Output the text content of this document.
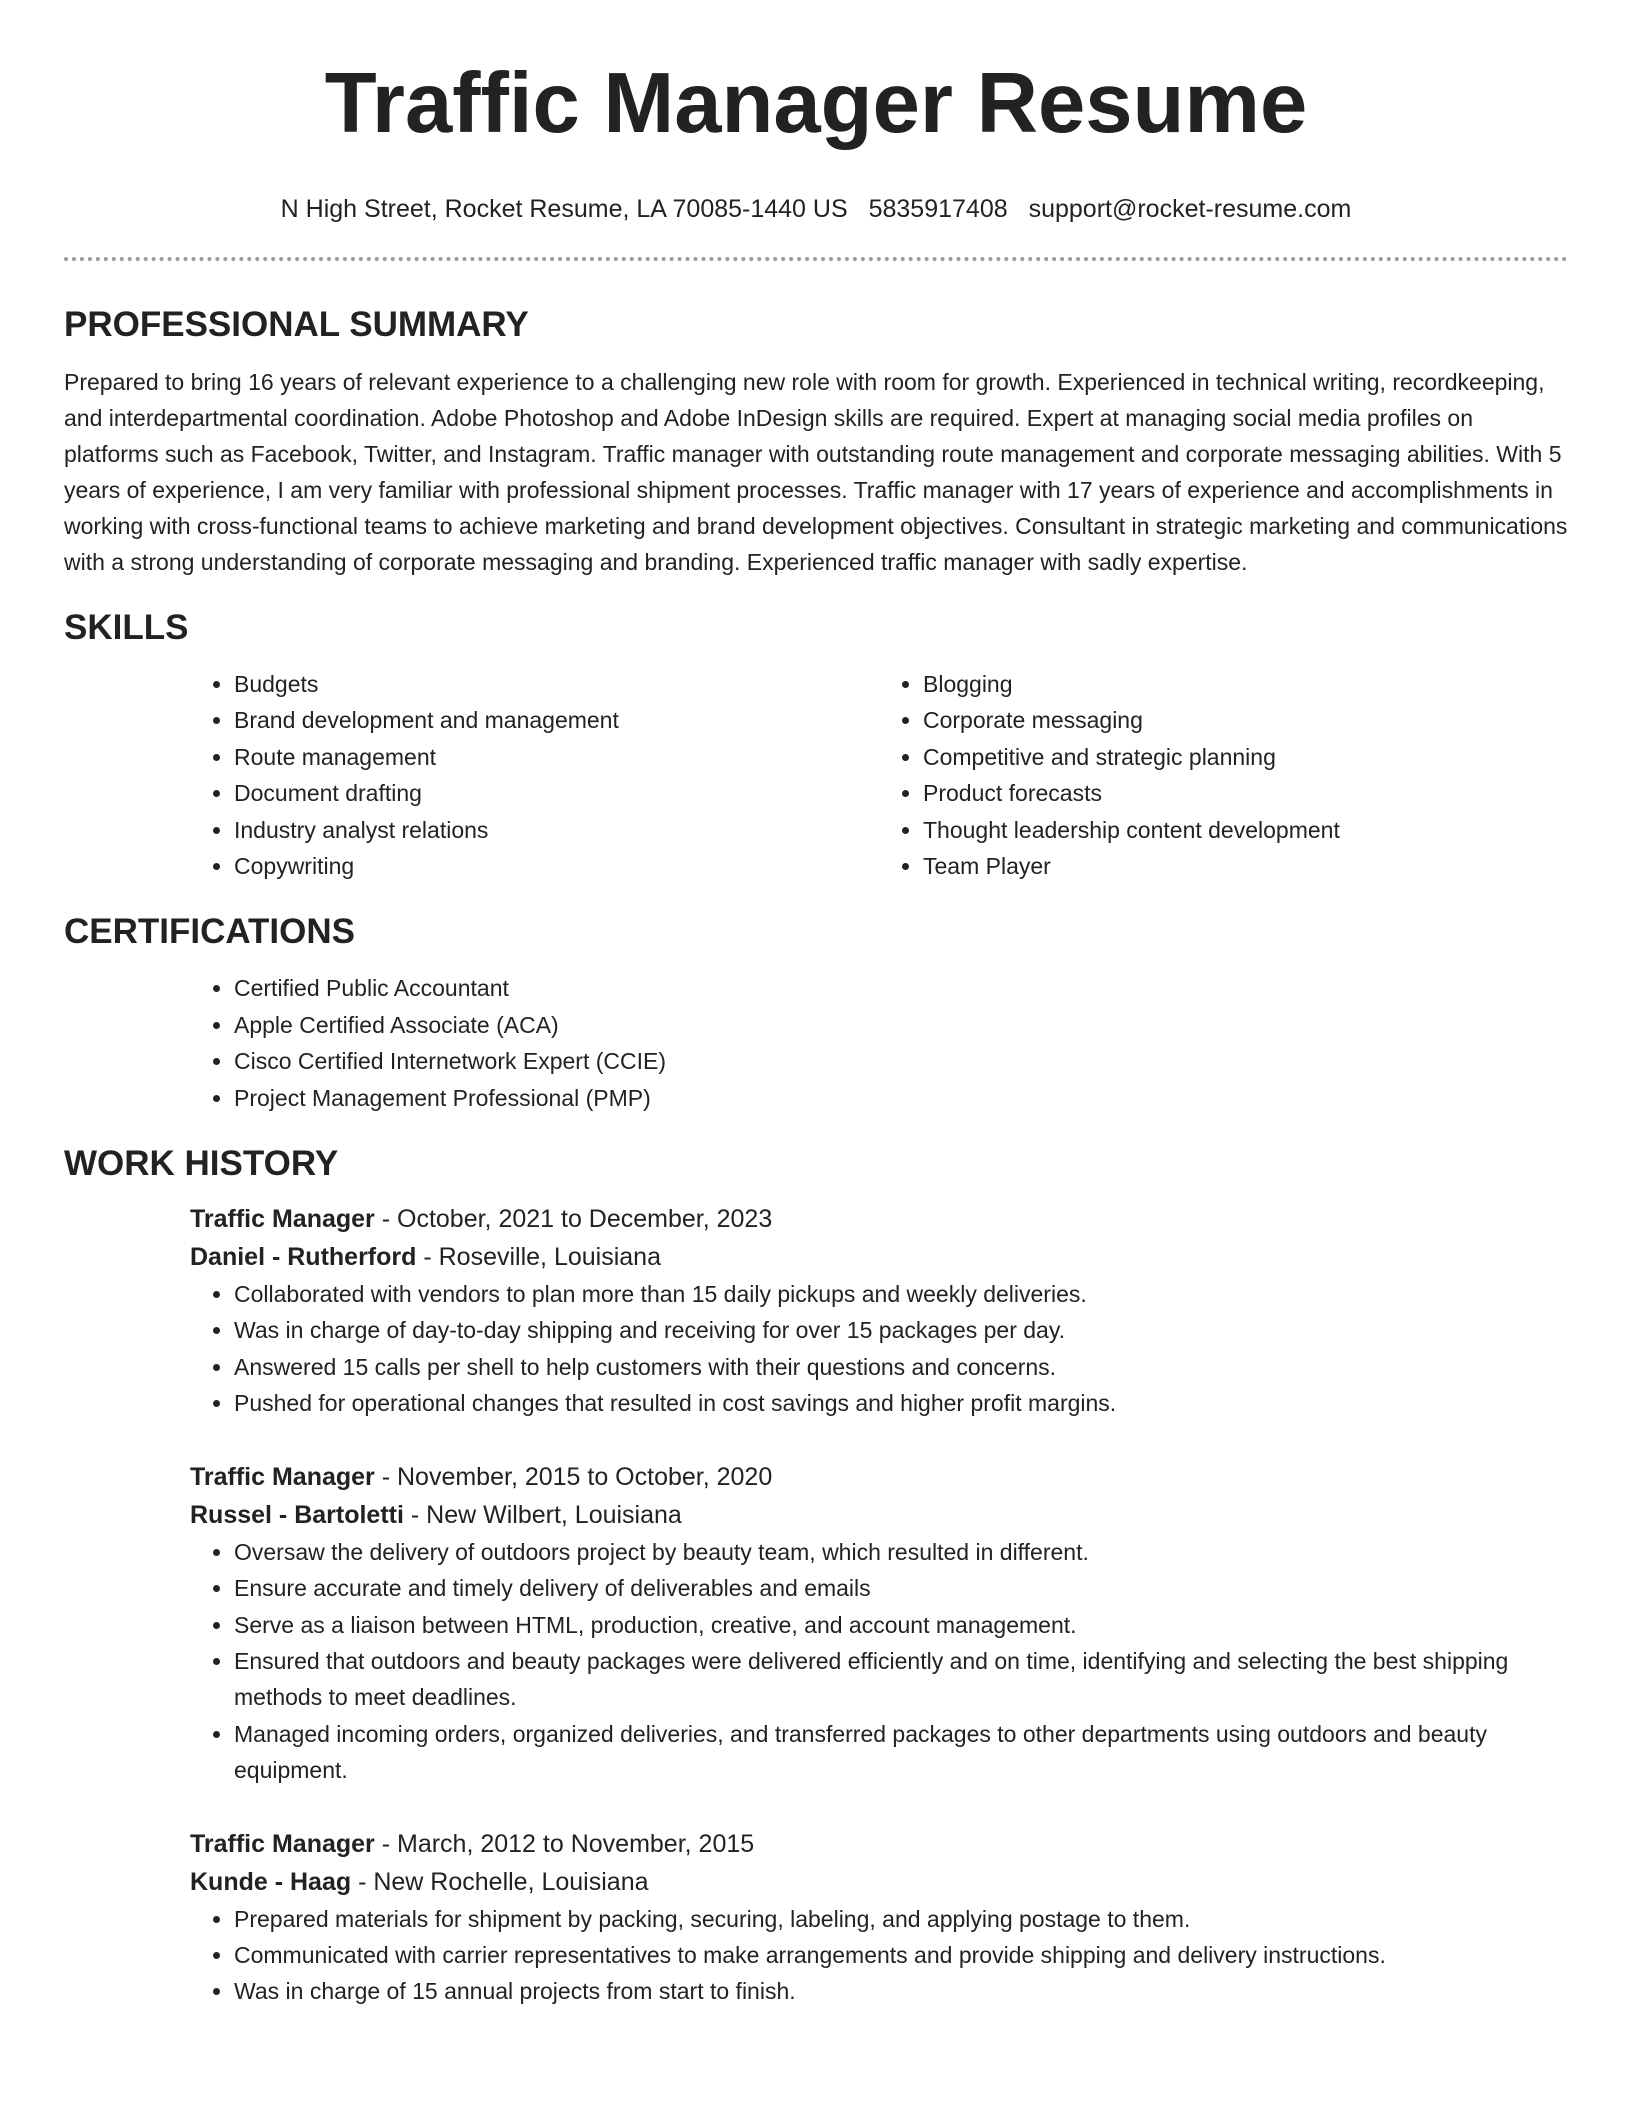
Traffic Manager Resume
N High Street, Rocket Resume, LA 70085-1440 US 5835917408 support@rocket-resume.com
PROFESSIONAL SUMMARY

Prepared to bring 16 years of relevant experience to a challenging new role with room for growth. Experienced in technical writing, recordkeeping, and interdepartmental coordination. Adobe Photoshop and Adobe InDesign skills are required. Expert at managing social media profiles on platforms such as Facebook, Twitter, and Instagram. Traffic manager with outstanding route management and corporate messaging abilities. With 5 years of experience, I am very familiar with professional shipment processes. Traffic manager with 17 years of experience and accomplishments in working with cross-functional teams to achieve marketing and brand development objectives. Consultant in strategic marketing and communications with a strong understanding of corporate messaging and branding. Experienced traffic manager with sadly expertise.

SKILLS
• Budgets
• Brand development and management
• Route management
• Document drafting
• Industry analyst relations
• Copywriting
• Blogging
• Corporate messaging
• Competitive and strategic planning
• Product forecasts
• Thought leadership content development
• Team Player
CERTIFICATIONS
• Certified Public Accountant
• Apple Certified Associate (ACA)
• Cisco Certified Internetwork Expert (CCIE)
• Project Management Professional (PMP)
WORK HISTORY
Traffic Manager - October, 2021 to December, 2023
Daniel - Rutherford - Roseville, Louisiana
• Collaborated with vendors to plan more than 15 daily pickups and weekly deliveries.
• Was in charge of day-to-day shipping and receiving for over 15 packages per day.
• Answered 15 calls per shell to help customers with their questions and concerns.
• Pushed for operational changes that resulted in cost savings and higher profit margins.
Traffic Manager - November, 2015 to October, 2020
Russel - Bartoletti - New Wilbert, Louisiana
• Oversaw the delivery of outdoors project by beauty team, which resulted in different.
• Ensure accurate and timely delivery of deliverables and emails
• Serve as a liaison between HTML, production, creative, and account management.
• Ensured that outdoors and beauty packages were delivered efficiently and on time, identifying and selecting the best shipping methods to meet deadlines.
• Managed incoming orders, organized deliveries, and transferred packages to other departments using outdoors and beauty equipment.
Traffic Manager - March, 2012 to November, 2015
Kunde - Haag - New Rochelle, Louisiana
• Prepared materials for shipment by packing, securing, labeling, and applying postage to them.
• Communicated with carrier representatives to make arrangements and provide shipping and delivery instructions.
• Was in charge of 15 annual projects from start to finish.
